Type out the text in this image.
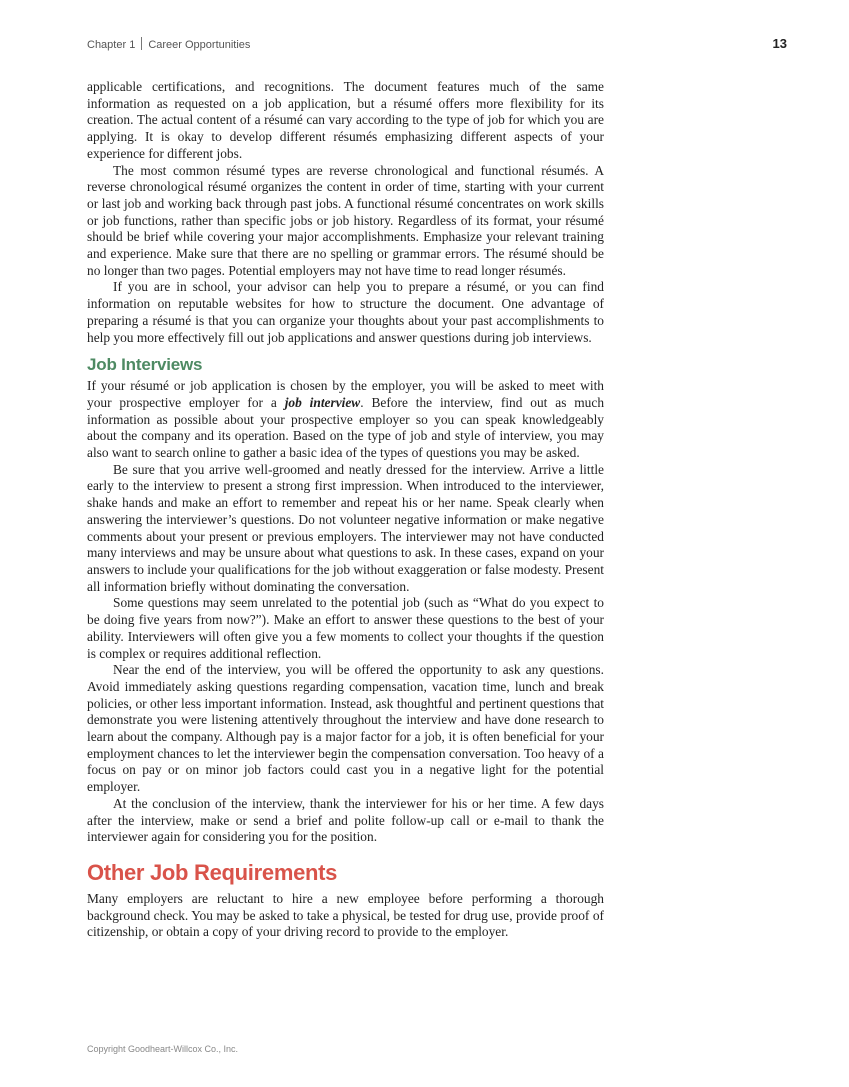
Chapter 1 Career Opportunities	13

applicable certifications, and recognitions. The document features much of the same information as requested on a job application, but a résumé offers more flexibility for its creation. The actual content of a résumé can vary according to the type of job for which you are applying. It is okay to develop different résumés emphasizing different aspects of your experience for different jobs.

The most common résumé types are reverse chronological and functional résumés. A reverse chronological résumé organizes the content in order of time, starting with your current or last job and working back through past jobs. A functional résumé concentrates on work skills or job functions, rather than specific jobs or job history. Regardless of its format, your résumé should be brief while covering your major accomplishments. Emphasize your relevant training and experience. Make sure that there are no spelling or grammar errors. The résumé should be no longer than two pages. Potential employers may not have time to read longer résumés.

If you are in school, your advisor can help you to prepare a résumé, or you can find information on reputable websites for how to structure the document. One advantage of preparing a résumé is that you can organize your thoughts about your past accomplishments to help you more effectively fill out job applications and answer questions during job interviews.

Job Interviews

If your résumé or job application is chosen by the employer, you will be asked to meet with your prospective employer for a job interview. Before the interview, find out as much information as possible about your prospective employer so you can speak knowledgeably about the company and its operation. Based on the type of job and style of interview, you may also want to search online to gather a basic idea of the types of questions you may be asked.

Be sure that you arrive well-groomed and neatly dressed for the interview. Arrive a little early to the interview to present a strong first impression. When introduced to the interviewer, shake hands and make an effort to remember and repeat his or her name. Speak clearly when answering the interviewer’s questions. Do not volunteer negative information or make negative comments about your present or previous employers. The interviewer may not have conducted many interviews and may be unsure about what questions to ask. In these cases, expand on your answers to include your qualifications for the job without exaggeration or false modesty. Present all information briefly without dominating the conversation.

Some questions may seem unrelated to the potential job (such as “What do you expect to be doing five years from now?”). Make an effort to answer these questions to the best of your ability. Interviewers will often give you a few moments to collect your thoughts if the question is complex or requires additional reflection.

Near the end of the interview, you will be offered the opportunity to ask any questions. Avoid immediately asking questions regarding compensation, vacation time, lunch and break policies, or other less important information. Instead, ask thoughtful and pertinent questions that demonstrate you were listening attentively throughout the interview and have done research to learn about the company. Although pay is a major factor for a job, it is often beneficial for your employment chances to let the interviewer begin the compensation conversation. Too heavy of a focus on pay or on minor job factors could cast you in a negative light for the potential employer.

At the conclusion of the interview, thank the interviewer for his or her time. A few days after the interview, make or send a brief and polite follow-up call or e-mail to thank the interviewer again for considering you for the position.

Other Job Requirements

Many employers are reluctant to hire a new employee before performing a thorough background check. You may be asked to take a physical, be tested for drug use, provide proof of citizenship, or obtain a copy of your driving record to provide to the employer.

Copyright Goodheart-Willcox Co., Inc.
